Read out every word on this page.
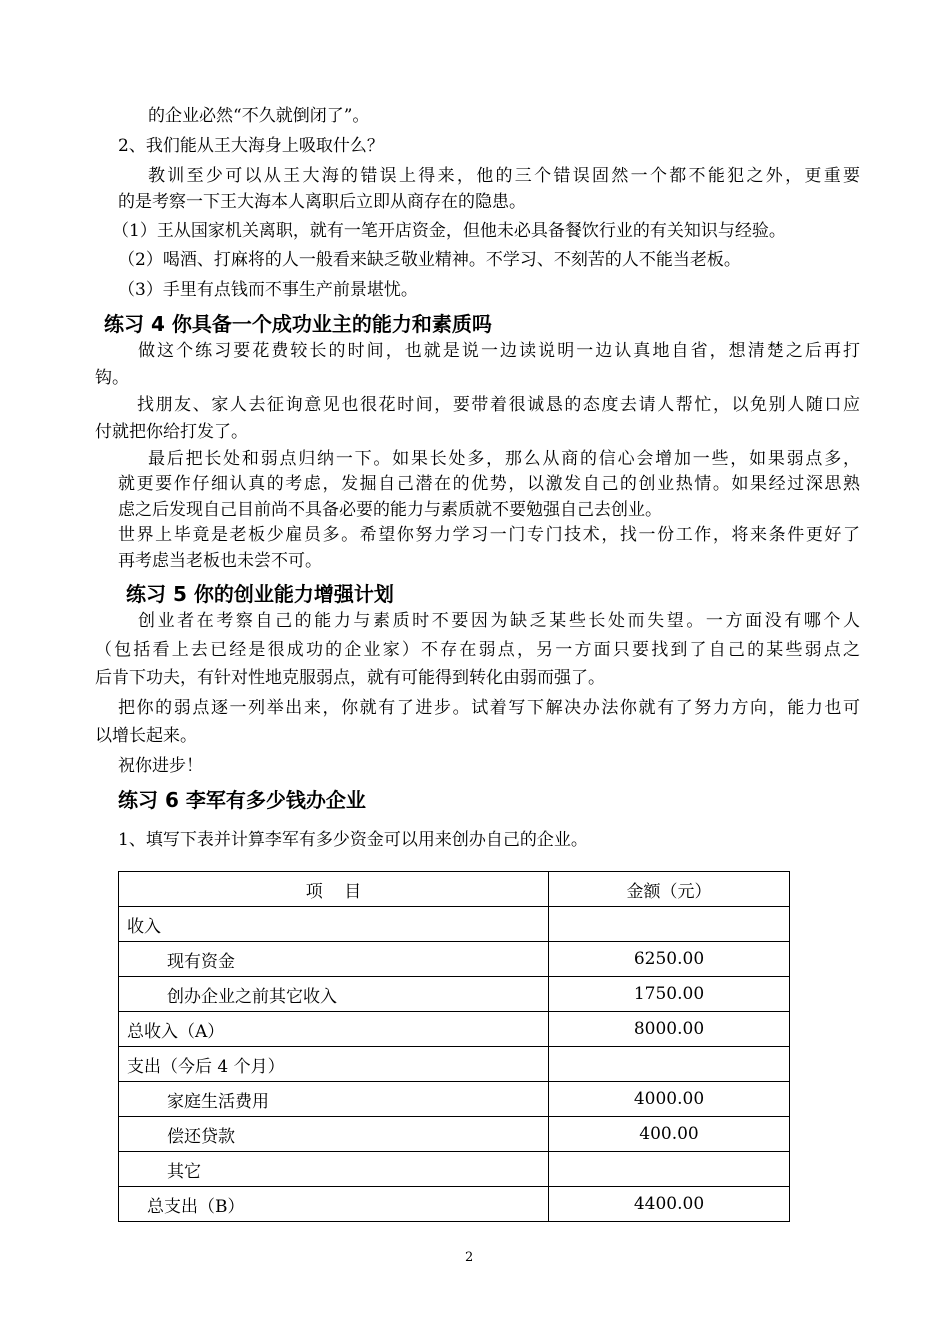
的企业必然“不久就倒闭了”。
2、我们能从王大海身上吸取什么？
教训至少可以从王大海的错误上得来，他的三个错误固然一个都不能犯之外，更重要
的是考察一下王大海本人离职后立即从商存在的隐患。
（1）王从国家机关离职，就有一笔开店资金，但他未必具备餐饮行业的有关知识与经验。
（2）喝酒、打麻将的人一般看来缺乏敬业精神。不学习、不刻苦的人不能当老板。
（3）手里有点钱而不事生产前景堪忧。
练习 4 你具备一个成功业主的能力和素质吗
做这个练习要花费较长的时间，也就是说一边读说明一边认真地自省，想清楚之后再打
钩。
找朋友、家人去征询意见也很花时间，要带着很诚恳的态度去请人帮忙，以免别人随口应
付就把你给打发了。
最后把长处和弱点归纳一下。如果长处多，那么从商的信心会增加一些，如果弱点多，
就更要作仔细认真的考虑，发掘自己潜在的优势，以激发自己的创业热情。如果经过深思熟
虑之后发现自己目前尚不具备必要的能力与素质就不要勉强自己去创业。
世界上毕竟是老板少雇员多。希望你努力学习一门专门技术，找一份工作，将来条件更好了
再考虑当老板也未尝不可。
练习 5 你的创业能力增强计划
创业者在考察自己的能力与素质时不要因为缺乏某些长处而失望。一方面没有哪个人
（包括看上去已经是很成功的企业家）不存在弱点，另一方面只要找到了自己的某些弱点之
后肯下功夫，有针对性地克服弱点，就有可能得到转化由弱而强了。
把你的弱点逐一列举出来，你就有了进步。试着写下解决办法你就有了努力方向，能力也可
以增长起来。
祝你进步！
练习 6 李军有多少钱办企业
1、填写下表并计算李军有多少资金可以用来创办自己的企业。
项    目	金额（元）
收入	
现有资金	6250.00
创办企业之前其它收入	1750.00
总收入（A）	8000.00
支出（今后 4 个月）	
家庭生活费用	4000.00
偿还贷款	400.00
其它	
总支出（B）	4400.00
2
